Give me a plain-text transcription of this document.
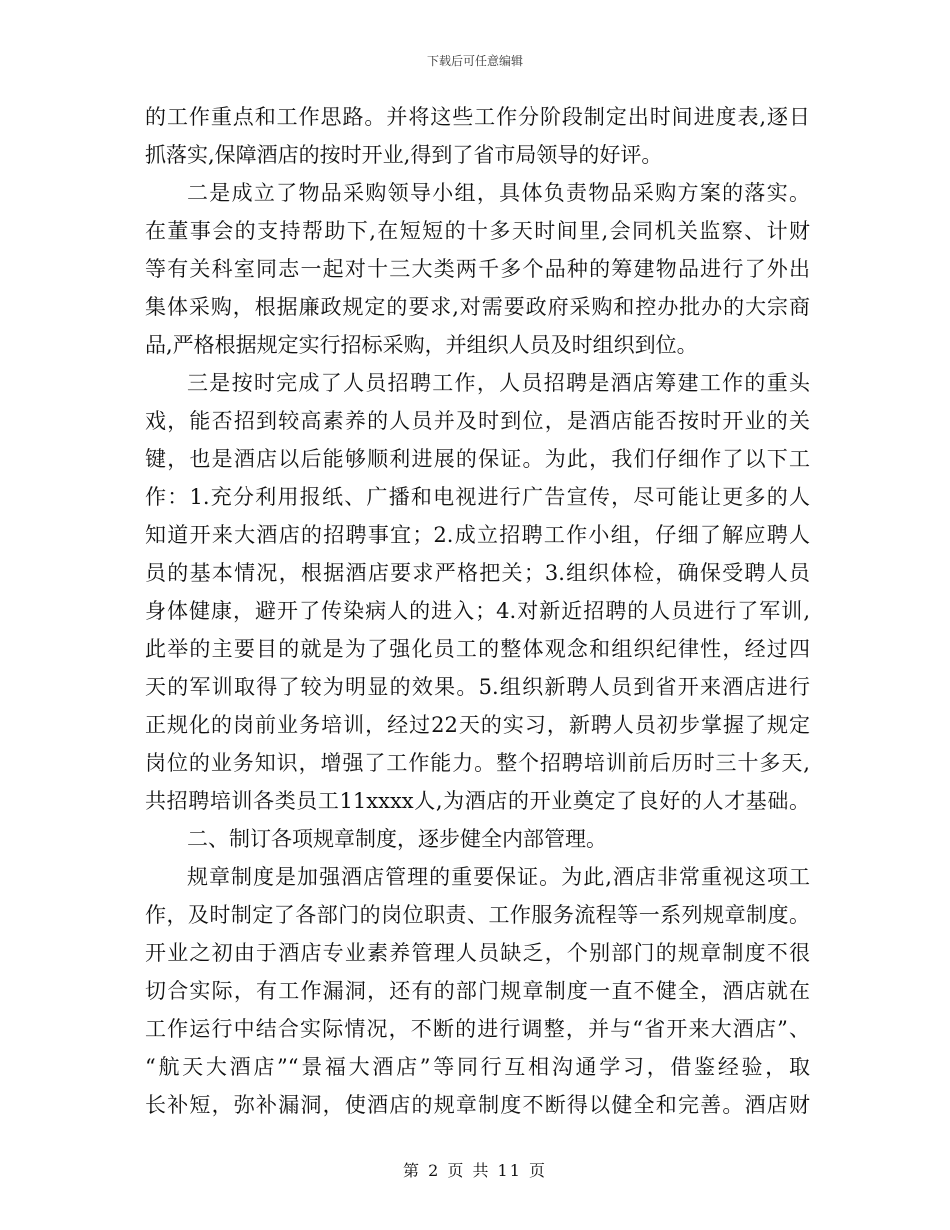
下载后可任意编辑
的工作重点和工作思路。并将这些工作分阶段制定出时间进度表,逐日
抓落实,保障酒店的按时开业,得到了省市局领导的好评。
二是成立了物品采购领导小组，具体负责物品采购方案的落实。
在董事会的支持帮助下,在短短的十多天时间里,会同机关监察、计财
等有关科室同志一起对十三大类两千多个品种的筹建物品进行了外出
集体采购，根据廉政规定的要求,对需要政府采购和控办批办的大宗商
品,严格根据规定实行招标采购，并组织人员及时组织到位。
三是按时完成了人员招聘工作，人员招聘是酒店筹建工作的重头
戏，能否招到较高素养的人员并及时到位，是酒店能否按时开业的关
键，也是酒店以后能够顺利进展的保证。为此，我们仔细作了以下工
作：1.充分利用报纸、广播和电视进行广告宣传，尽可能让更多的人
知道开来大酒店的招聘事宜；2.成立招聘工作小组，仔细了解应聘人
员的基本情况，根据酒店要求严格把关；3.组织体检，确保受聘人员
身体健康，避开了传染病人的进入；4.对新近招聘的人员进行了军训,
此举的主要目的就是为了强化员工的整体观念和组织纪律性，经过四
天的军训取得了较为明显的效果。5.组织新聘人员到省开来酒店进行
正规化的岗前业务培训，经过22天的实习，新聘人员初步掌握了规定
岗位的业务知识，增强了工作能力。整个招聘培训前后历时三十多天,
共招聘培训各类员工11xxxx人,为酒店的开业奠定了良好的人才基础。
二、制订各项规章制度，逐步健全内部管理。
规章制度是加强酒店管理的重要保证。为此,酒店非常重视这项工
作，及时制定了各部门的岗位职责、工作服务流程等一系列规章制度。
开业之初由于酒店专业素养管理人员缺乏，个别部门的规章制度不很
切合实际，有工作漏洞，还有的部门规章制度一直不健全，酒店就在
工作运行中结合实际情况，不断的进行调整，并与“省开来大酒店”、
“航天大酒店”“景福大酒店”等同行互相沟通学习，借鉴经验，取
长补短，弥补漏洞，使酒店的规章制度不断得以健全和完善。酒店财
第 2 页 共 11 页
